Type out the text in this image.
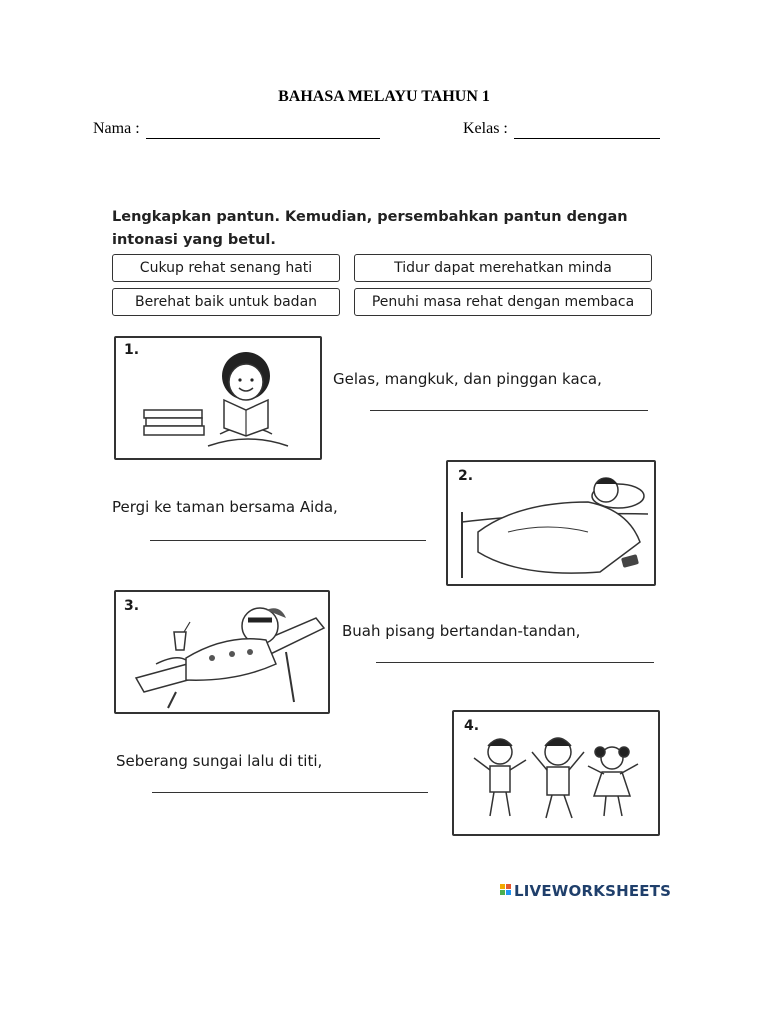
BAHASA MELAYU TAHUN 1
Nama :	Kelas :
Lengkapkan pantun. Kemudian, persembahkan pantun dengan intonasi yang betul.
Cukup rehat senang hati	Tidur dapat merehatkan minda
Berehat baik untuk badan	Penuhi masa rehat dengan membaca
1.
2.
3.
4.
Gelas, mangkuk, dan pinggan kaca,
Pergi ke taman bersama Aida,
Buah pisang bertandan-tandan,
Seberang sungai lalu di titi,
LIVEWORKSHEETS
